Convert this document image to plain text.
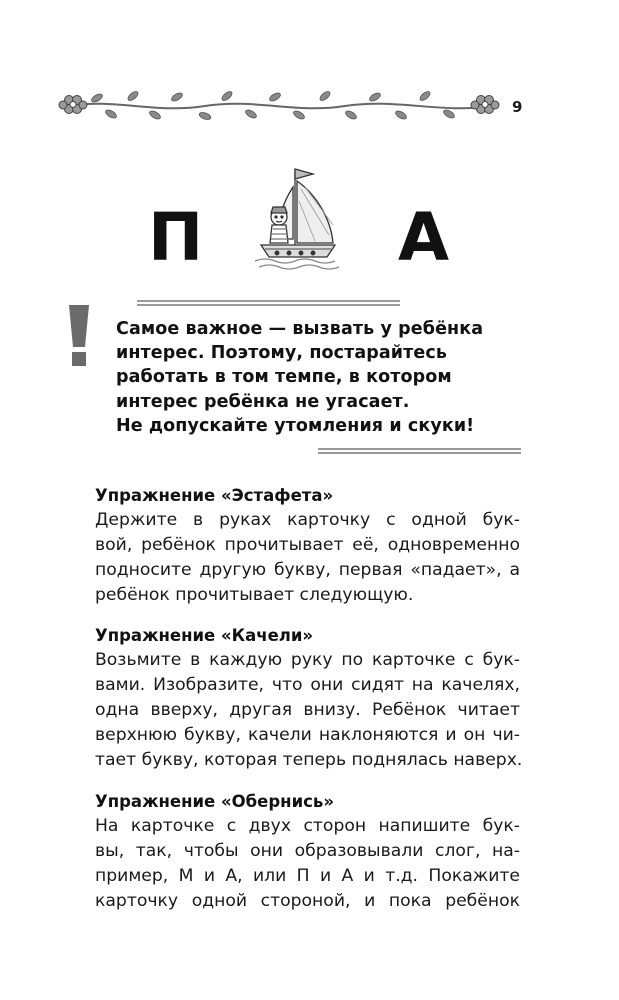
9
П	А
Самое важное — вызвать у ребёнка
интерес. Поэтому, постарайтесь
работать в том темпе, в котором
интерес ребёнка не угасает.
Не допускайте утомления и скуки!
Упражнение «Эстафета»
Держите в руках карточку с одной бук-
вой, ребёнок прочитывает её, одновременно
подносите другую букву, первая «падает», а
ребёнок прочитывает следующую.
Упражнение «Качели»
Возьмите в каждую руку по карточке с бук-
вами. Изобразите, что они сидят на качелях,
одна вверху, другая внизу. Ребёнок читает
верхнюю букву, качели наклоняются и он чи-
тает букву, которая теперь поднялась наверх.
Упражнение «Обернись»
На карточке с двух сторон напишите бук-
вы, так, чтобы они образовывали слог, на-
пример, М и А, или П и А и т.д. Покажите
карточку одной стороной, и пока ребёнок
